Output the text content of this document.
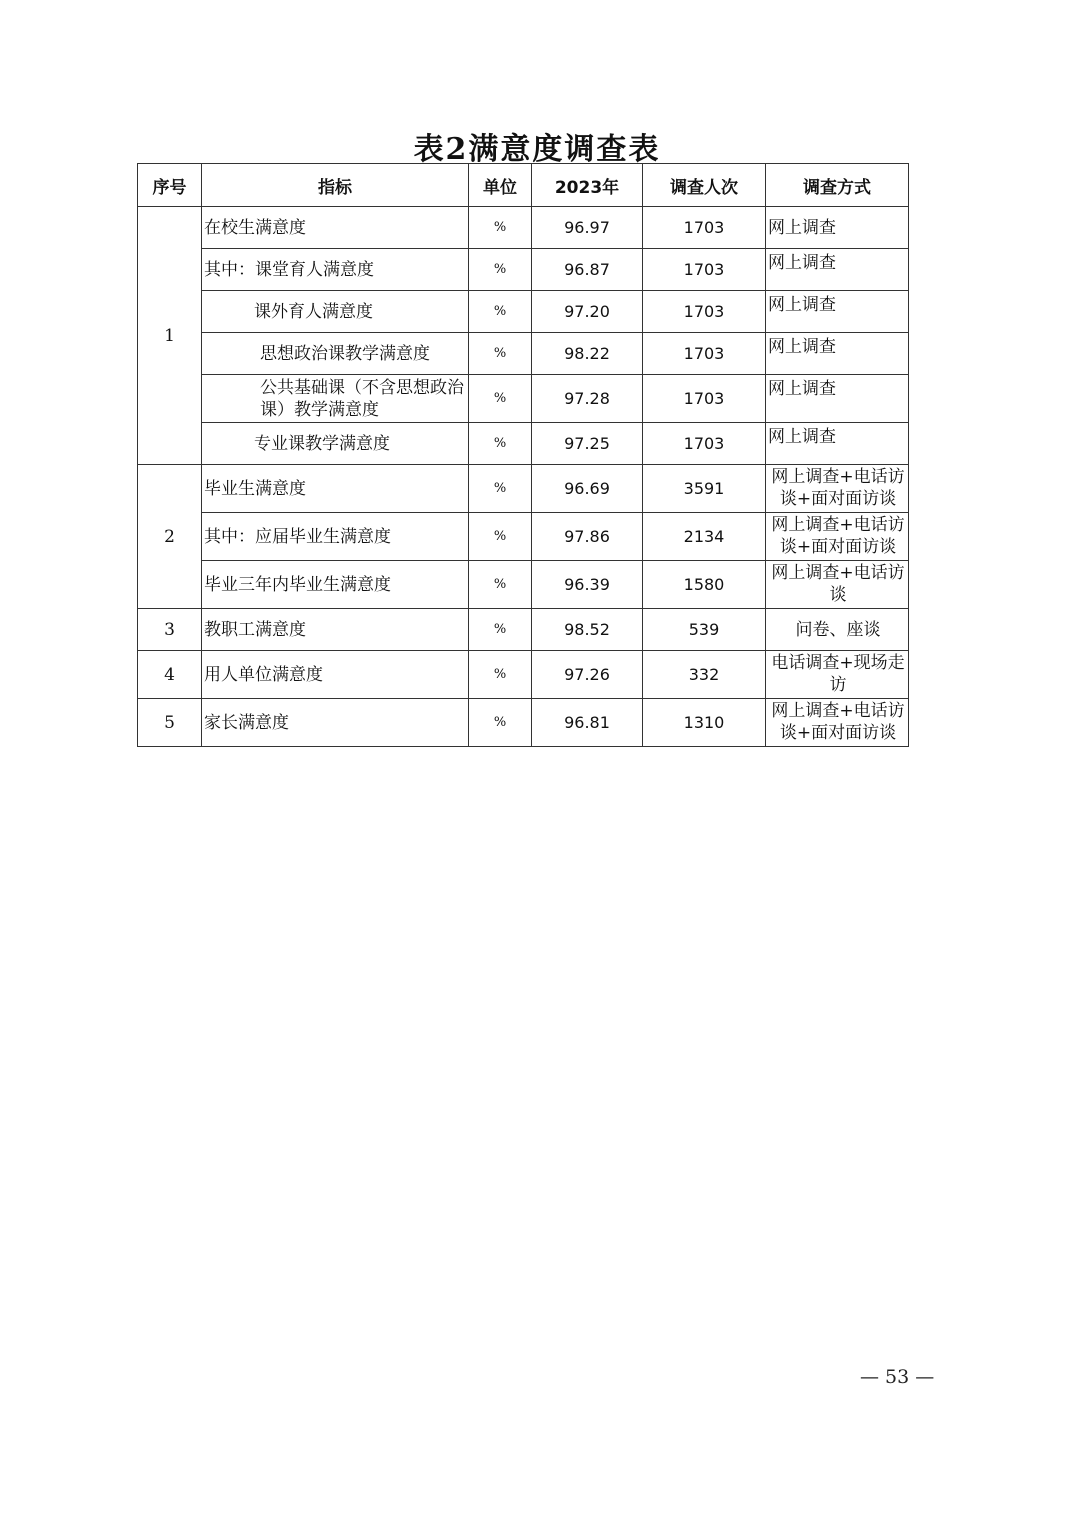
表2满意度调查表
序号	指标	单位	2023年	调查人次	调查方式
1	在校生满意度	%	96.97	1703	网上调查
	其中：课堂育人满意度	%	96.87	1703	网上调查
	课外育人满意度	%	97.20	1703	网上调查
	思想政治课教学满意度	%	98.22	1703	网上调查
	公共基础课（不含思想政治课）教学满意度	%	97.28	1703	网上调查
	专业课教学满意度	%	97.25	1703	网上调查
2	毕业生满意度	%	96.69	3591	网上调查+电话访谈+面对面访谈
	其中：应届毕业生满意度	%	97.86	2134	网上调查+电话访谈+面对面访谈
	毕业三年内毕业生满意度	%	96.39	1580	网上调查+电话访谈
3	教职工满意度	%	98.52	539	问卷、座谈
4	用人单位满意度	%	97.26	332	电话调查+现场走访
5	家长满意度	%	96.81	1310	网上调查+电话访谈+面对面访谈
— 53 —
